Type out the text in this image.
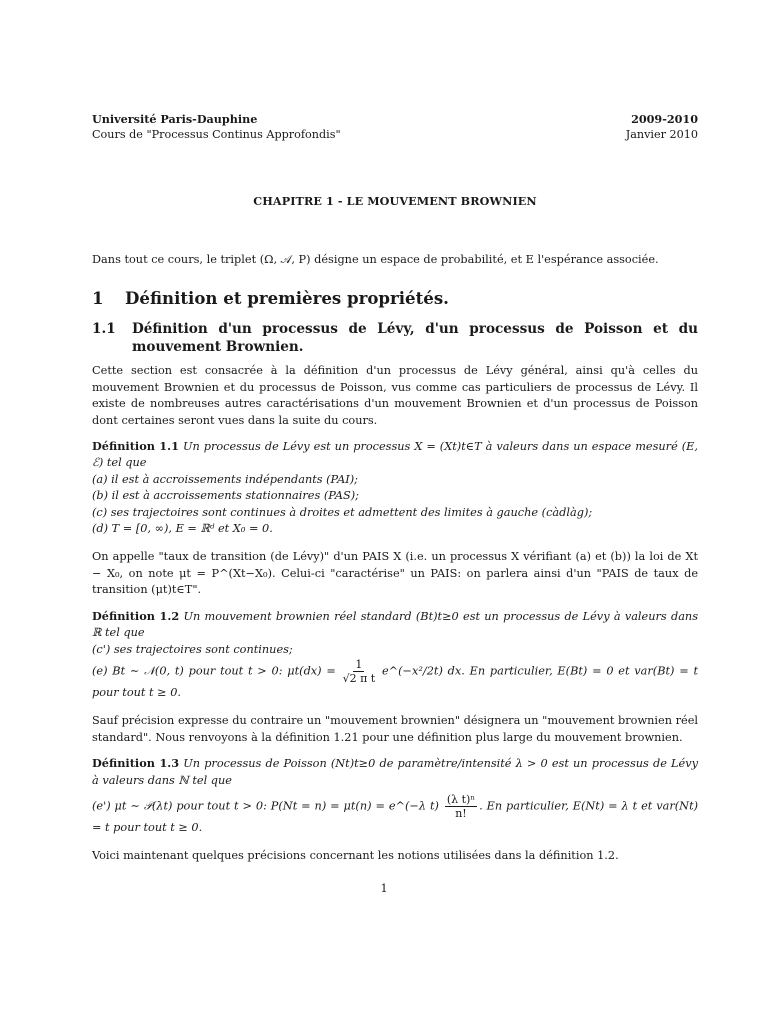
Université Paris-Dauphine
Cours de "Processus Continus Approfondis"
2009-2010
Janvier 2010
CHAPITRE 1 - LE MOUVEMENT BROWNIEN

Dans tout ce cours, le triplet (Ω, 𝒜, P) désigne un espace de probabilité, et E l'espérance associée.

1	Définition et premières propriétés.
1.1	Définition d'un processus de Lévy, d'un processus de Poisson et du mouvement Brownien.

Cette section est consacrée à la définition d'un processus de Lévy général, ainsi qu'à celles du mouvement Brownien et du processus de Poisson, vus comme cas particuliers de processus de Lévy. Il existe de nombreuses autres caractérisations d'un mouvement Brownien et d'un processus de Poisson dont certaines seront vues dans la suite du cours.

Définition 1.1 Un processus de Lévy est un processus X = (Xt)t∈T à valeurs dans un espace mesuré (E, ℰ) tel que

(a) il est à accroissements indépendants (PAI);

(b) il est à accroissements stationnaires (PAS);

(c) ses trajectoires sont continues à droites et admettent des limites à gauche (càdlàg);

(d) T = [0, ∞), E = ℝᵈ et X₀ = 0.

On appelle "taux de transition (de Lévy)" d'un PAIS X (i.e. un processus X vérifiant (a) et (b)) la loi de Xt − X₀, on note μt = P^(Xt−X₀). Celui-ci "caractérise" un PAIS: on parlera ainsi d'un "PAIS de taux de transition (μt)t∈T".

Définition 1.2 Un mouvement brownien réel standard (Bt)t≥0 est un processus de Lévy à valeurs dans ℝ tel que

(c') ses trajectoires sont continues;

(e) Bt ∼ 𝒩(0, t) pour tout t > 0: $\mu t(dx) = \frac{1}{\text{√2 π t}}$ e^(−x²/2t) dx. En particulier, E(Bt) = 0 et var(Bt) = t pour tout t ≥ 0.

Sauf précision expresse du contraire un "mouvement brownien" désignera un "mouvement brownien réel standard". Nous renvoyons à la définition 1.21 pour une définition plus large du mouvement brownien.

Définition 1.3 Un processus de Poisson (Nt)t≥0 de paramètre/intensité λ > 0 est un processus de Lévy à valeurs dans ℕ tel que

(e') μt ∼ 𝒫(λt) pour tout t > 0: P(Nt = n) = μt(n) = e^(−λ $t) \frac{\text{(λ t)ⁿ}}{n!}$ . En particulier, E(Nt) = λ t et var(Nt) = t pour tout t ≥ 0.

Voici maintenant quelques précisions concernant les notions utilisées dans la définition 1.2.

1
